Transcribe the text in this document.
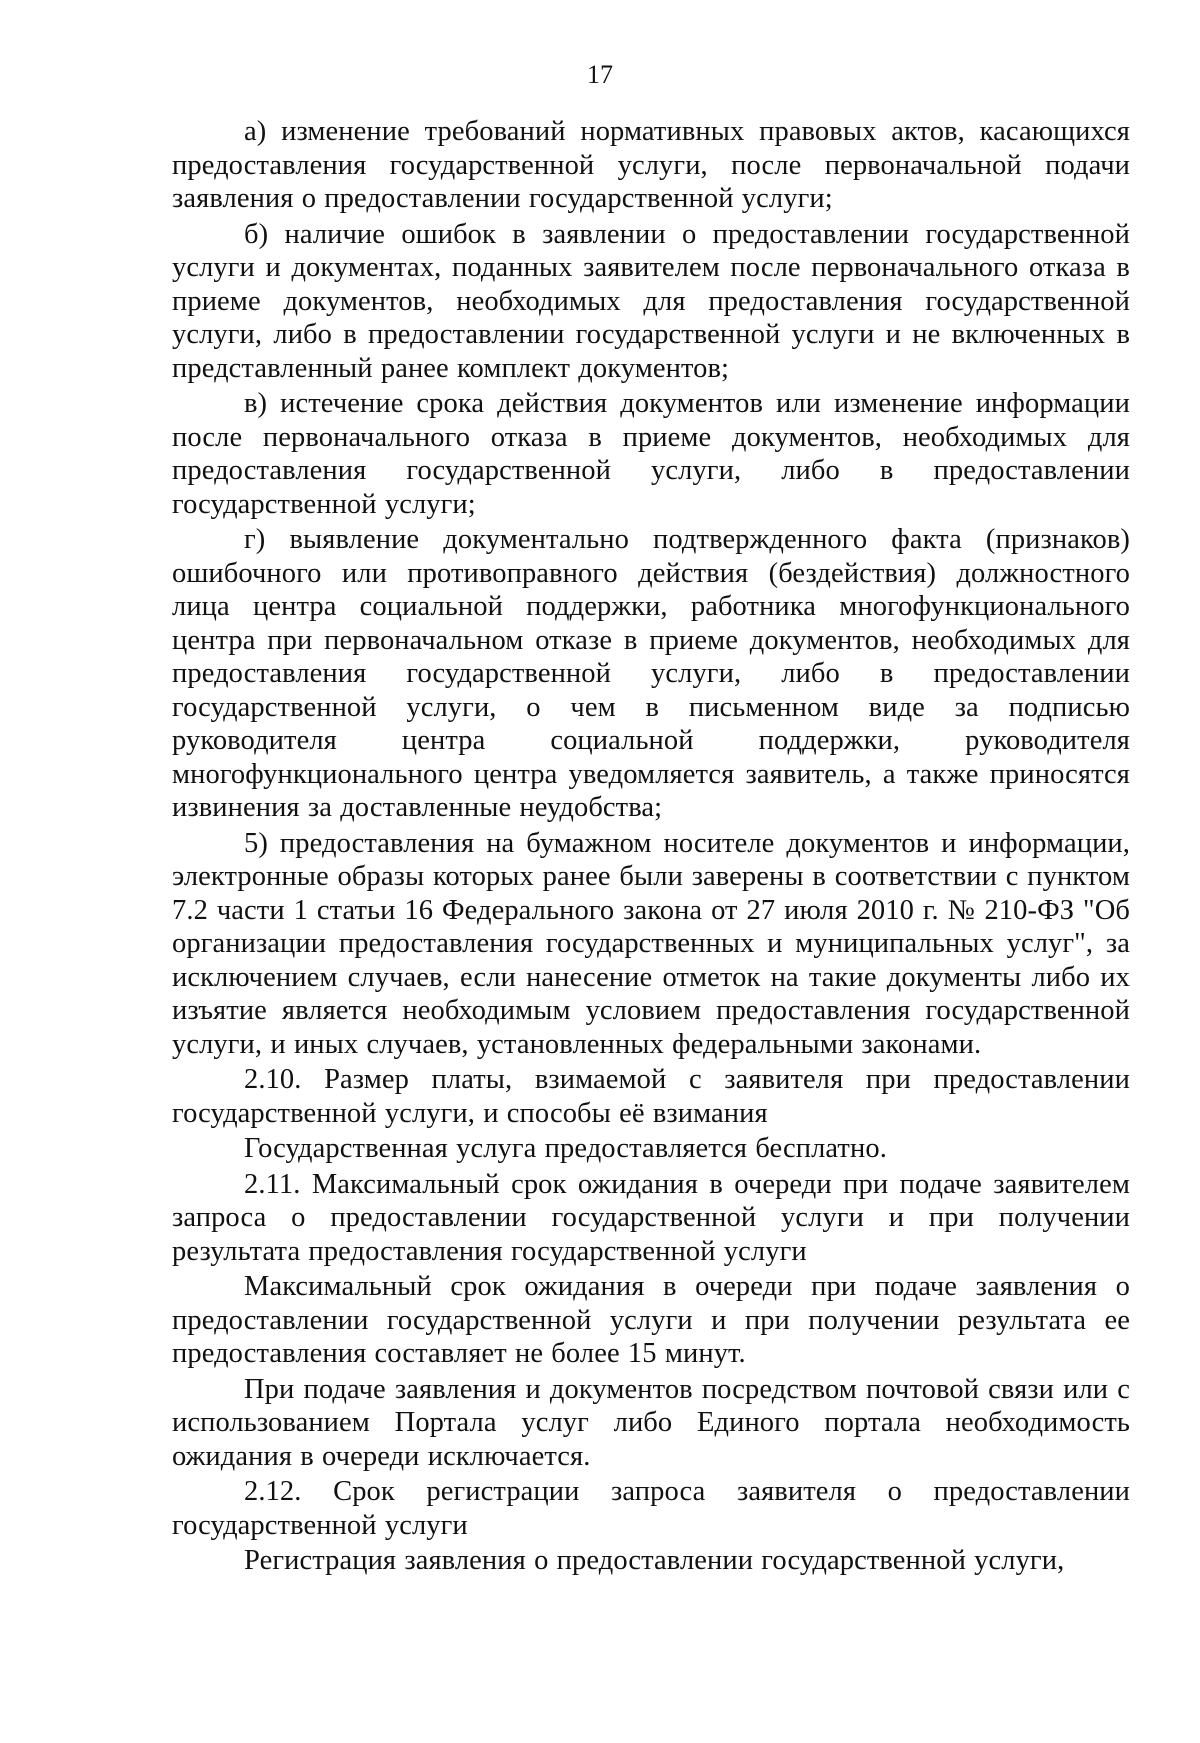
17

а) изменение требований нормативных правовых актов, касающихся предоставления государственной услуги, после первоначальной подачи заявления о предоставлении государственной услуги;

б) наличие ошибок в заявлении о предоставлении государственной услуги и документах, поданных заявителем после первоначального отказа в приеме документов, необходимых для предоставления государственной услуги, либо в предоставлении государственной услуги и не включенных в представленный ранее комплект документов;

в) истечение срока действия документов или изменение информации после первоначального отказа в приеме документов, необходимых для предоставления государственной услуги, либо в предоставлении государственной услуги;

г) выявление документально подтвержденного факта (признаков) ошибочного или противоправного действия (бездействия) должностного лица центра социальной поддержки, работника многофункционального центра при первоначальном отказе в приеме документов, необходимых для предоставления государственной услуги, либо в предоставлении государственной услуги, о чем в письменном виде за подписью руководителя центра социальной поддержки, руководителя многофункционального центра уведомляется заявитель, а также приносятся извинения за доставленные неудобства;

5) предоставления на бумажном носителе документов и информации, электронные образы которых ранее были заверены в соответствии с пунктом 7.2 части 1 статьи 16 Федерального закона от 27 июля 2010 г. № 210-ФЗ "Об организации предоставления государственных и муниципальных услуг", за исключением случаев, если нанесение отметок на такие документы либо их изъятие является необходимым условием предоставления государственной услуги, и иных случаев, установленных федеральными законами.

2.10. Размер платы, взимаемой с заявителя при предоставлении государственной услуги, и способы её взимания

Государственная услуга предоставляется бесплатно.

2.11. Максимальный срок ожидания в очереди при подаче заявителем запроса о предоставлении государственной услуги и при получении результата предоставления государственной услуги

Максимальный срок ожидания в очереди при подаче заявления о предоставлении государственной услуги и при получении результата ее предоставления составляет не более 15 минут.

При подаче заявления и документов посредством почтовой связи или с использованием Портала услуг либо Единого портала необходимость ожидания в очереди исключается.

2.12. Срок регистрации запроса заявителя о предоставлении государственной услуги

Регистрация заявления о предоставлении государственной услуги,
